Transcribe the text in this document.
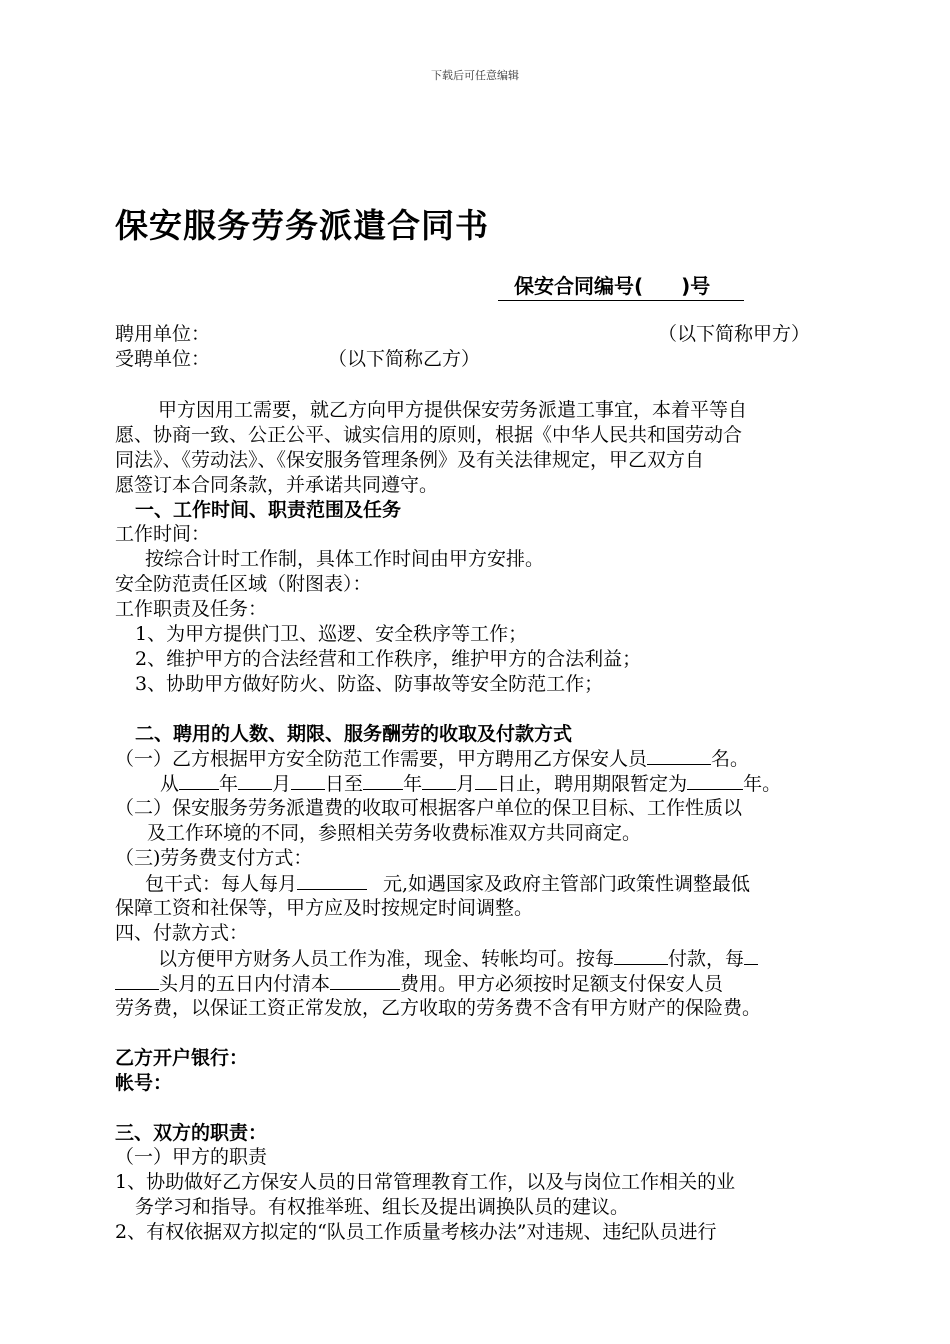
下载后可任意编辑
保安服务劳务派遣合同书
保安合同编号( )号
聘用单位：	（以下简称甲方）
受聘单位：	（以下简称乙方）
甲方因用工需要，就乙方向甲方提供保安劳务派遣工事宜，本着平等自
愿、协商一致、公正公平、诚实信用的原则，根据《中华人民共和国劳动合
同法》、《劳动法》、《保安服务管理条例》及有关法律规定，甲乙双方自
愿签订本合同条款，并承诺共同遵守。
一、工作时间、职责范围及任务
工作时间：
按综合计时工作制，具体工作时间由甲方安排。
安全防范责任区域（附图表）：
工作职责及任务：
1、为甲方提供门卫、巡逻、安全秩序等工作；
2、维护甲方的合法经营和工作秩序，维护甲方的合法利益；
3、协助甲方做好防火、防盗、防事故等安全防范工作；
二、聘用的人数、期限、服务酬劳的收取及付款方式
（一）乙方根据甲方安全防范工作需要，甲方聘用乙方保安人员	名。
从 年 月 日至 年 月 日止，聘用期限暂定为	年。
（二）保安服务劳务派遣费的收取可根据客户单位的保卫目标、工作性质以
及工作环境的不同，参照相关劳务收费标准双方共同商定。
（三)劳务费支付方式：
包干式：每人每月	元,如遇国家及政府主管部门政策性调整最低
保障工资和社保等，甲方应及时按规定时间调整。
四、付款方式：
以方便甲方财务人员工作为准，现金、转帐均可。按每	付款，每
头月的五日内付清本	费用。甲方必须按时足额支付保安人员
劳务费，以保证工资正常发放，乙方收取的劳务费不含有甲方财产的保险费。
乙方开户银行：
帐号：
三、双方的职责：
（一）甲方的职责
1、协助做好乙方保安人员的日常管理教育工作，以及与岗位工作相关的业
务学习和指导。有权推举班、组长及提出调换队员的建议。
2、有权依据双方拟定的“队员工作质量考核办法”对违规、违纪队员进行
